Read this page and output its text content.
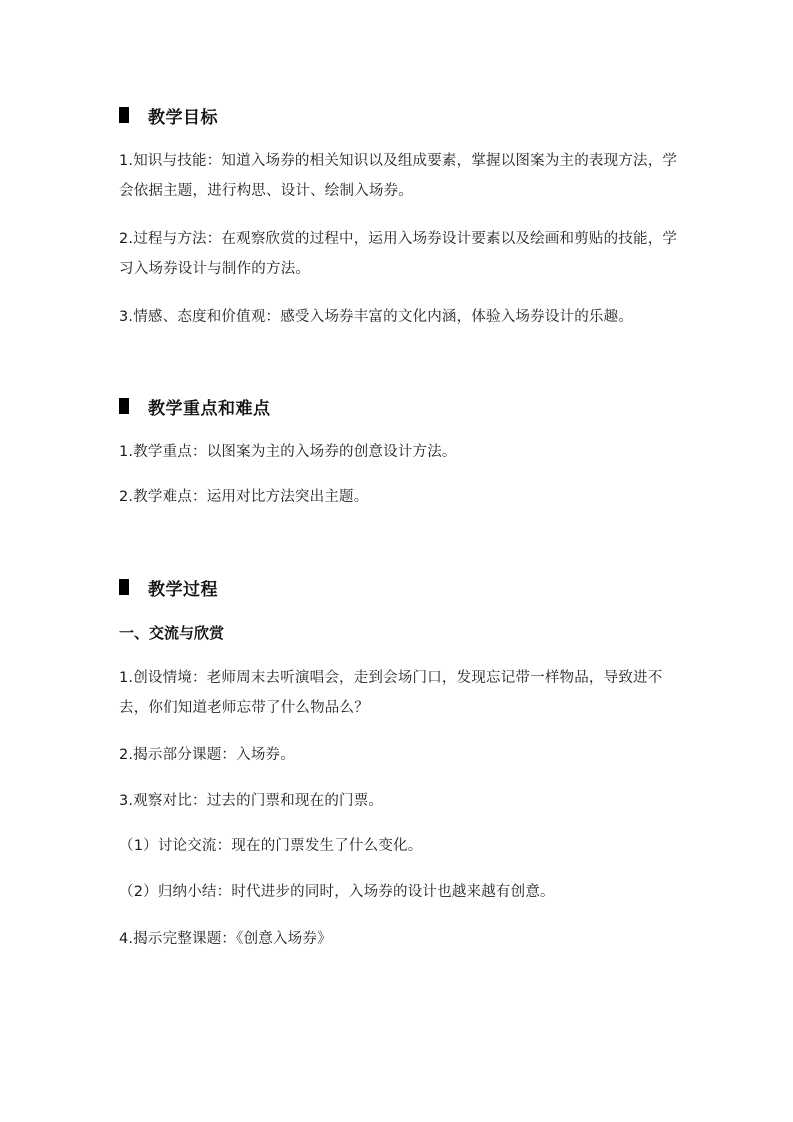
教学目标
1.知识与技能：知道入场券的相关知识以及组成要素，掌握以图案为主的表现方法，学会依据主题，进行构思、设计、绘制入场券。
2.过程与方法：在观察欣赏的过程中，运用入场券设计要素以及绘画和剪贴的技能，学习入场券设计与制作的方法。
3.情感、态度和价值观：感受入场券丰富的文化内涵，体验入场券设计的乐趣。
教学重点和难点
1.教学重点：以图案为主的入场券的创意设计方法。
2.教学难点：运用对比方法突出主题。
教学过程
一、交流与欣赏
1.创设情境：老师周末去听演唱会，走到会场门口，发现忘记带一样物品，导致进不去，你们知道老师忘带了什么物品么？
2.揭示部分课题：入场券。
3.观察对比：过去的门票和现在的门票。
（1）讨论交流：现在的门票发生了什么变化。
（2）归纳小结：时代进步的同时，入场券的设计也越来越有创意。
4.揭示完整课题：《创意入场券》
